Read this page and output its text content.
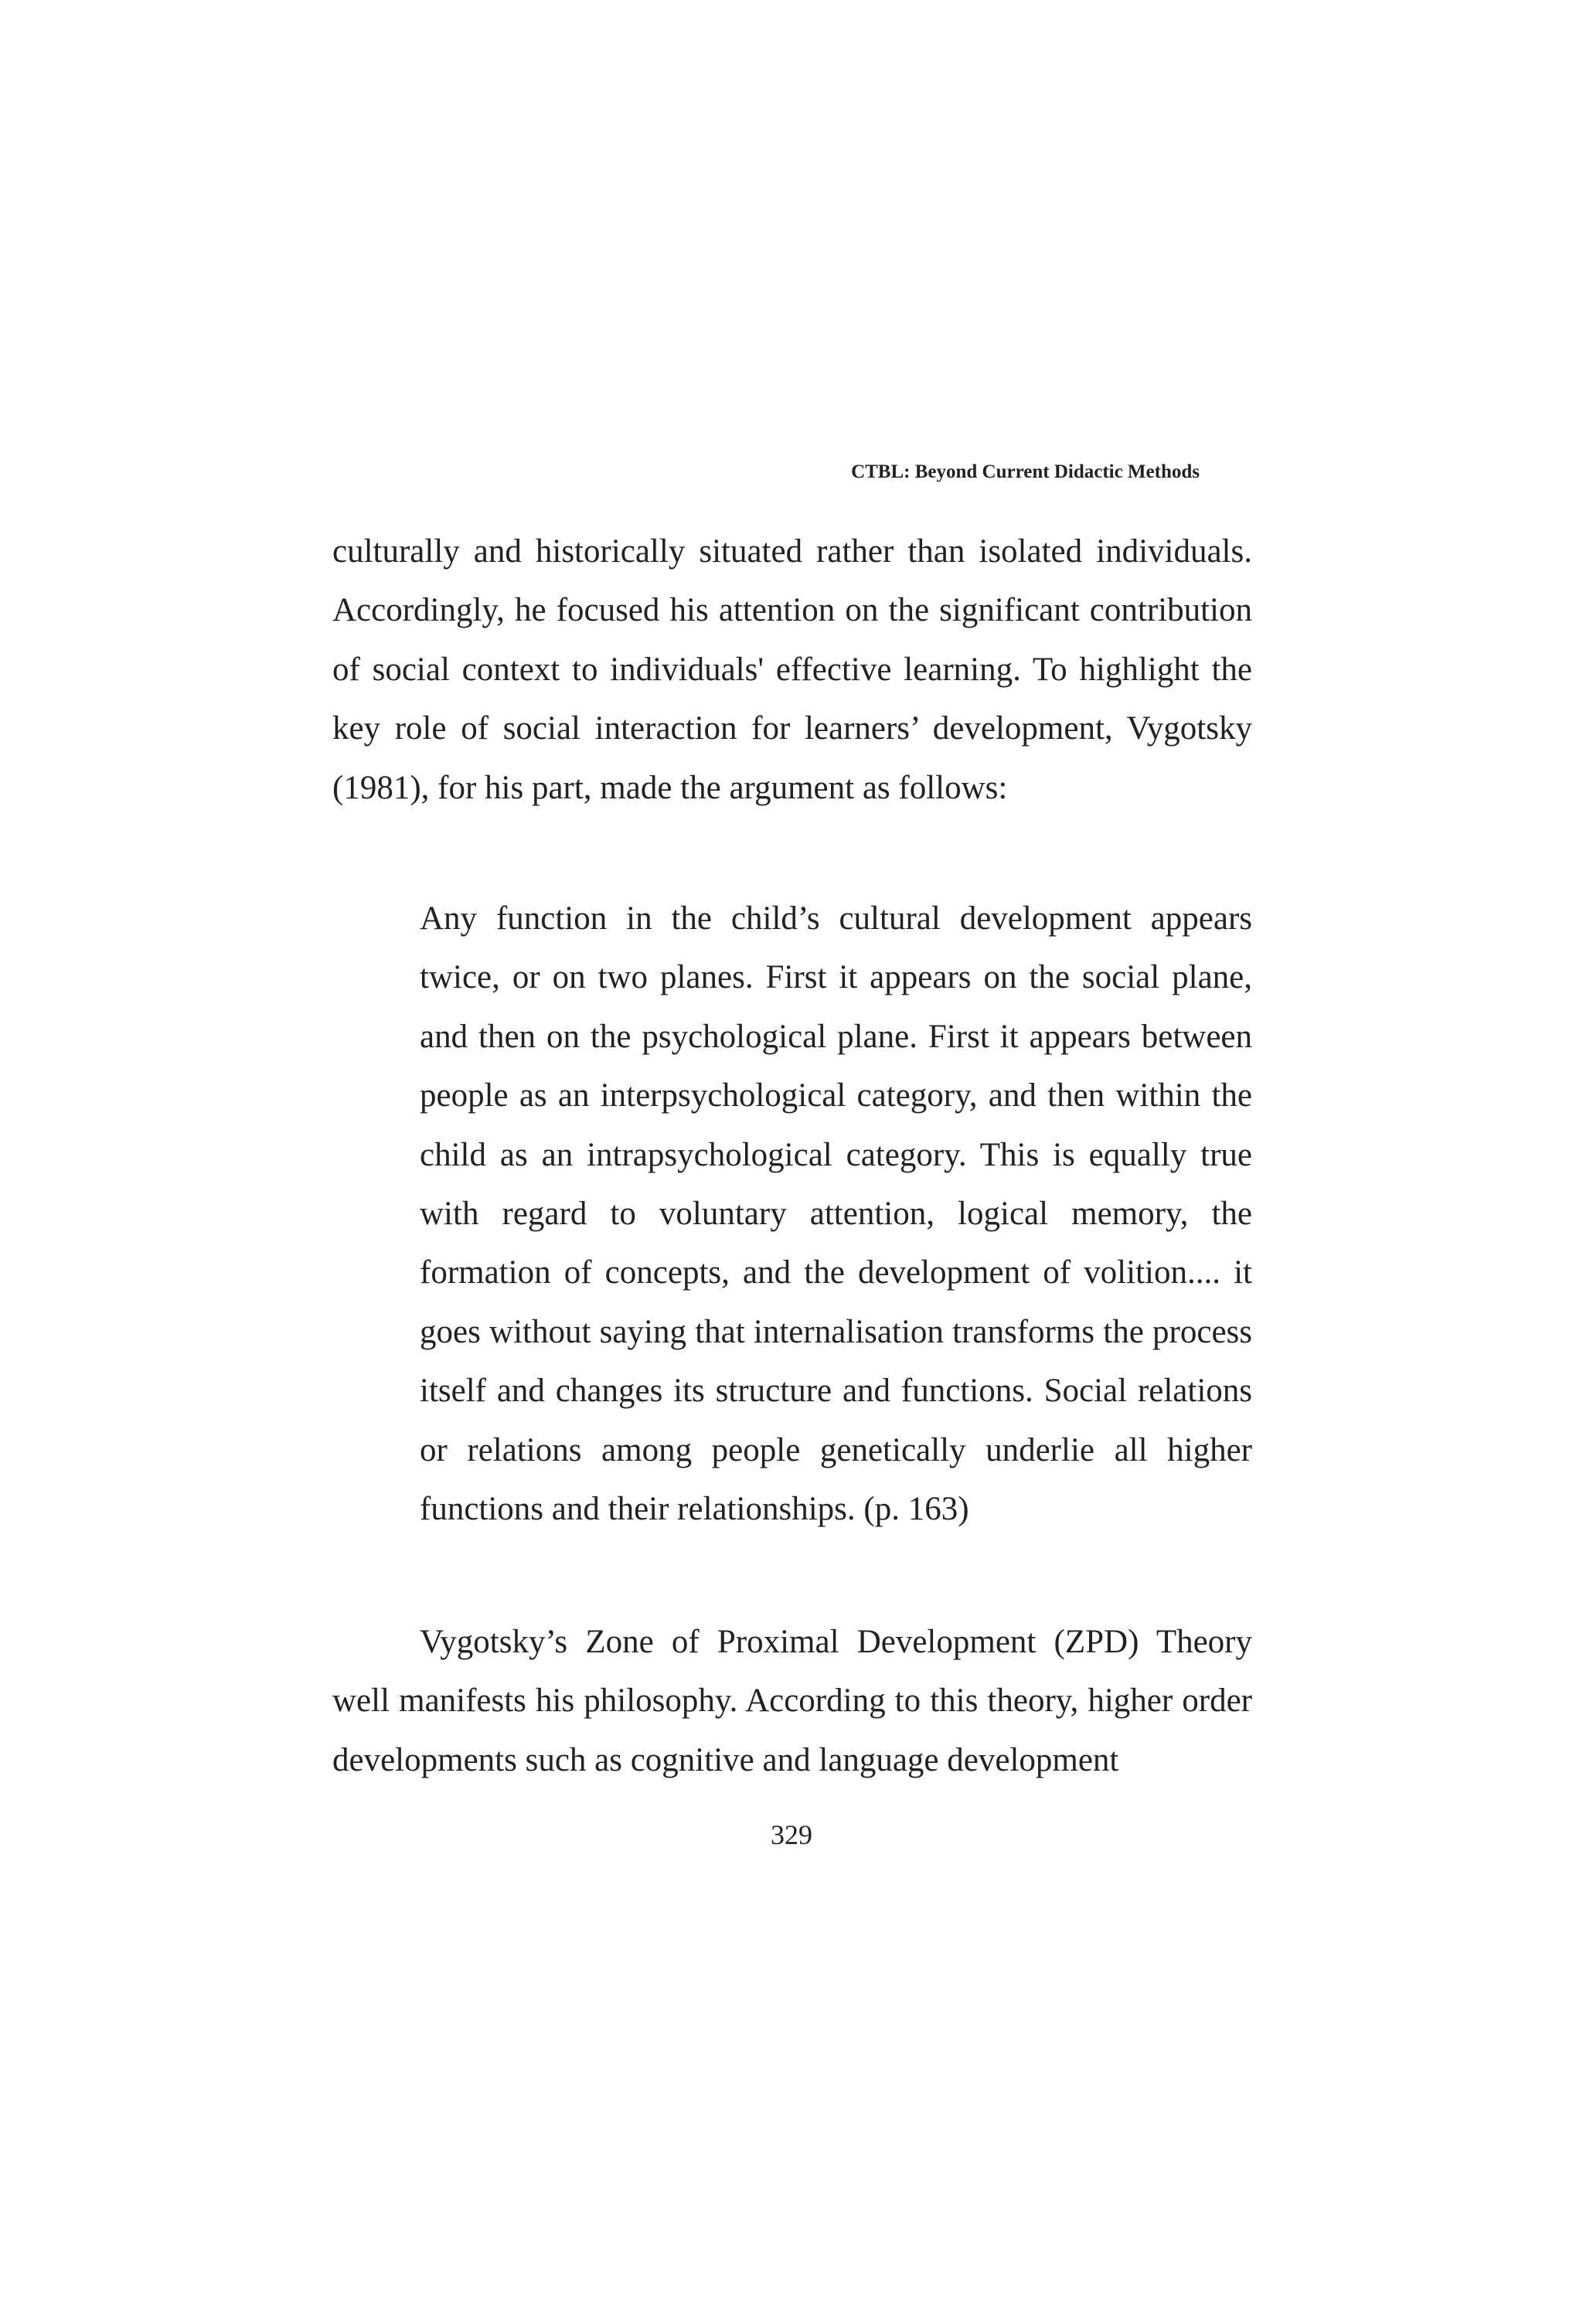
CTBL: Beyond Current Didactic Methods

culturally and historically situated rather than isolated individuals. Accordingly, he focused his attention on the significant contribution of social context to individuals' effective learning. To highlight the key role of social interaction for learners’ development, Vygotsky (1981), for his part, made the argument as follows:

Any function in the child’s cultural development appears twice, or on two planes. First it appears on the social plane, and then on the psychological plane. First it appears between people as an interpsychological category, and then within the child as an intrapsychological category. This is equally true with regard to voluntary attention, logical memory, the formation of concepts, and the development of volition.... it goes without saying that internalisation transforms the process itself and changes its structure and functions. Social relations or relations among people genetically underlie all higher functions and their relationships. (p. 163)

Vygotsky’s Zone of Proximal Development (ZPD) Theory well manifests his philosophy. According to this theory, higher order developments such as cognitive and language development

329
